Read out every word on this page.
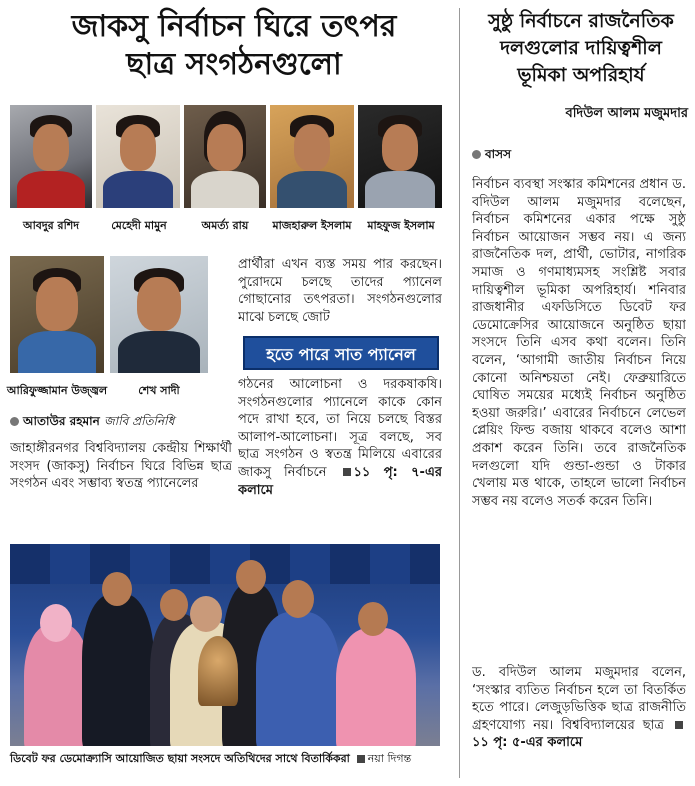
জাকসু নির্বাচন ঘিরে তৎপর
ছাত্র সংগঠনগুলো
আবদুর রশিদ	মেহেদী মামুন	অমর্ত্য রায়	মাজহারুল ইসলাম	মাহফুজ ইসলাম
আরিফুজ্জামান উজ্জ্বল	শেখ সাদী
আতাউর রহমান জাবি প্রতিনিধি
জাহাঙ্গীরনগর বিশ্ববিদ্যালয় কেন্দ্রীয় শিক্ষার্থী সংসদ (জাকসু) নির্বাচন ঘিরে বিভিন্ন ছাত্র সংগঠন এবং সম্ভাব্য স্বতন্ত্র প্যানেলের
প্রার্থীরা এখন ব্যস্ত সময় পার করছেন। পুরোদমে চলছে তাদের প্যানেল গোছানোর তৎপরতা। সংগঠনগুলোর মাঝে চলছে জোট
হতে পারে সাত প্যানেল
গঠনের আলোচনা ও দরকষাকষি। সংগঠনগুলোর প্যানেলে কাকে কোন পদে রাখা হবে, তা নিয়ে চলছে বিস্তর আলাপ-আলোচনা। সূত্র বলছে, সব ছাত্র সংগঠন ও স্বতন্ত্র মিলিয়ে এবারের জাকসু নির্বাচনে ১১ পৃ: ৭-এর কলামে
ডিবেট ফর ডেমোক্র্যাসি আয়োজিত ছায়া সংসদে অতিথিদের সাথে বিতার্কিকরা নয়া দিগন্ত
সুষ্ঠু নির্বাচনে রাজনৈতিক
দলগুলোর দায়িত্বশীল
ভূমিকা অপরিহার্য
বদিউল আলম মজুমদার
বাসস
নির্বাচন ব্যবস্থা সংস্কার কমিশনের প্রধান ড. বদিউল আলম মজুমদার বলেছেন, নির্বাচন কমিশনের একার পক্ষে সুষ্ঠু নির্বাচন আয়োজন সম্ভব নয়। এ জন্য রাজনৈতিক দল, প্রার্থী, ভোটার, নাগরিক সমাজ ও গণমাধ্যমসহ সংশ্লিষ্ট সবার দায়িত্বশীল ভূমিকা অপরিহার্য। শনিবার রাজধানীর এফডিসিতে ডিবেট ফর ডেমোক্রেসির আয়োজনে অনুষ্ঠিত ছায়া সংসদে তিনি এসব কথা বলেন। তিনি বলেন, ‘আগামী জাতীয় নির্বাচন নিয়ে কোনো অনিশ্চয়তা নেই। ফেব্রুয়ারিতে ঘোষিত সময়ের মধ্যেই নির্বাচন অনুষ্ঠিত হওয়া জরুরি।’ এবারের নির্বাচনে লেভেল প্লেয়িং ফিল্ড বজায় থাকবে বলেও আশা প্রকাশ করেন তিনি। তবে রাজনৈতিক দলগুলো যদি গুন্ডা-গুন্ডা ও টাকার খেলায় মত্ত থাকে, তাহলে ভালো নির্বাচন সম্ভব নয় বলেও সতর্ক করেন তিনি।
ড. বদিউল আলম মজুমদার বলেন, ‘সংস্কার ব্যতিত নির্বাচন হলে তা বিতর্কিত হতে পারে। লেজুড়ভিত্তিক ছাত্র রাজনীতি গ্রহণযোগ্য নয়। বিশ্ববিদ্যালয়ের ছাত্র ১১ পৃ: ৫-এর কলামে
